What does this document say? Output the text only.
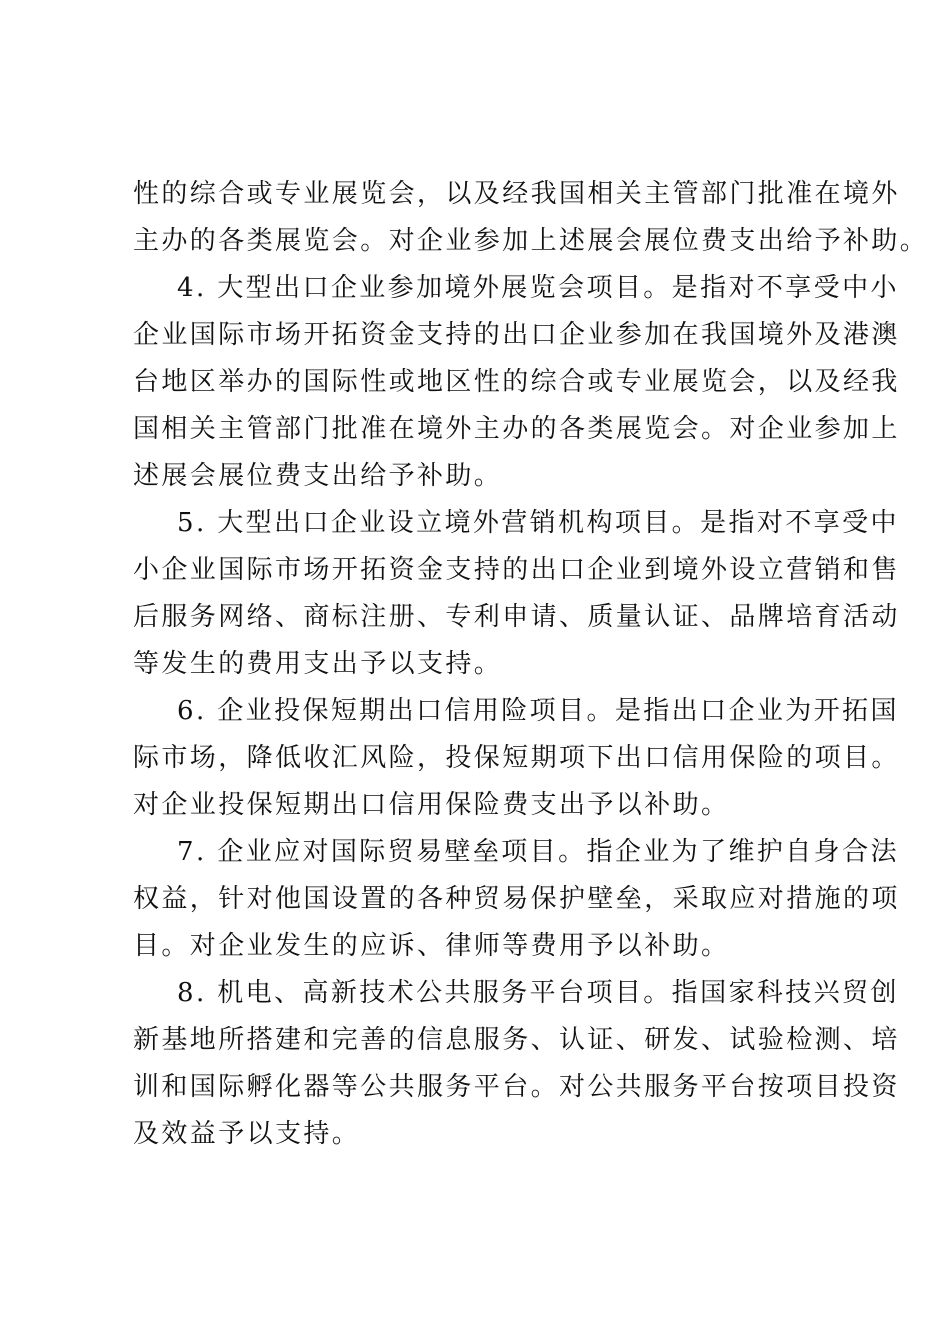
性的综合或专业展览会，以及经我国相关主管部门批准在境外
主办的各类展览会。对企业参加上述展会展位费支出给予补助。
4. 大型出口企业参加境外展览会项目。是指对不享受中小
企业国际市场开拓资金支持的出口企业参加在我国境外及港澳
台地区举办的国际性或地区性的综合或专业展览会，以及经我
国相关主管部门批准在境外主办的各类展览会。对企业参加上
述展会展位费支出给予补助。
5. 大型出口企业设立境外营销机构项目。是指对不享受中
小企业国际市场开拓资金支持的出口企业到境外设立营销和售
后服务网络、商标注册、专利申请、质量认证、品牌培育活动
等发生的费用支出予以支持。
6. 企业投保短期出口信用险项目。是指出口企业为开拓国
际市场，降低收汇风险，投保短期项下出口信用保险的项目。
对企业投保短期出口信用保险费支出予以补助。
7. 企业应对国际贸易壁垒项目。指企业为了维护自身合法
权益，针对他国设置的各种贸易保护壁垒，采取应对措施的项
目。对企业发生的应诉、律师等费用予以补助。
8. 机电、高新技术公共服务平台项目。指国家科技兴贸创
新基地所搭建和完善的信息服务、认证、研发、试验检测、培
训和国际孵化器等公共服务平台。对公共服务平台按项目投资
及效益予以支持。
